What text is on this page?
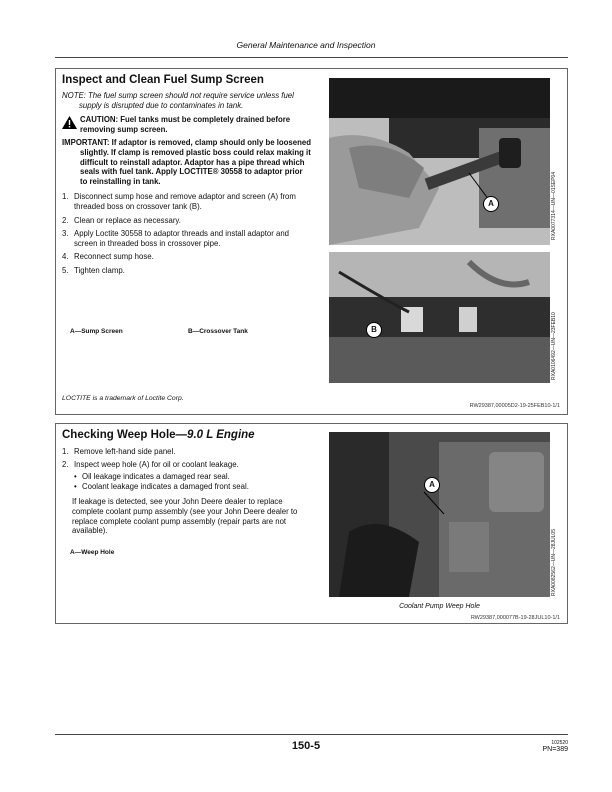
General Maintenance and Inspection
Inspect and Clean Fuel Sump Screen
NOTE: The fuel sump screen should not require service unless fuel supply is disrupted due to contaminates in tank.
CAUTION: Fuel tanks must be completely drained before removing sump screen.
IMPORTANT: If adaptor is removed, clamp should only be loosened slightly. If clamp is removed plastic boss could relax making it difficult to reinstall adaptor. Adaptor has a pipe thread which seals with fuel tank. Apply LOCTITE® 30558 to adaptor prior to reinstalling in tank.
1. Disconnect sump hose and remove adaptor and screen (A) from threaded boss on crossover tank (B).
2. Clean or replace as necessary.
3. Apply Loctite 30558 to adaptor threads and install adaptor and screen in threaded boss in crossover pipe.
4. Reconnect sump hose.
5. Tighten clamp.
A—Sump Screen	B—Crossover Tank
LOCTITE is a trademark of Loctite Corp.
RW29387,00005D2-19-25FEB10-1/1
A	RXA0077314—UN—01SEP04
B	RXA0106492—UN—23FEB10
Checking Weep Hole—9.0 L Engine
1. Remove left-hand side panel.
2. Inspect weep hole (A) for oil or coolant leakage.
• Oil leakage indicates a damaged rear seal.
• Coolant leakage indicates a damaged front seal.
If leakage is detected, see your John Deere dealer to replace complete coolant pump assembly (see your John Deere dealer to replace complete coolant pump assembly (repair parts are not available).
A—Weep Hole
A
RXA0082562—UN—28JUL05
Coolant Pump Weep Hole
RW29387,000077B-19-28JUL10-1/1
150-5	102520
PN=389
